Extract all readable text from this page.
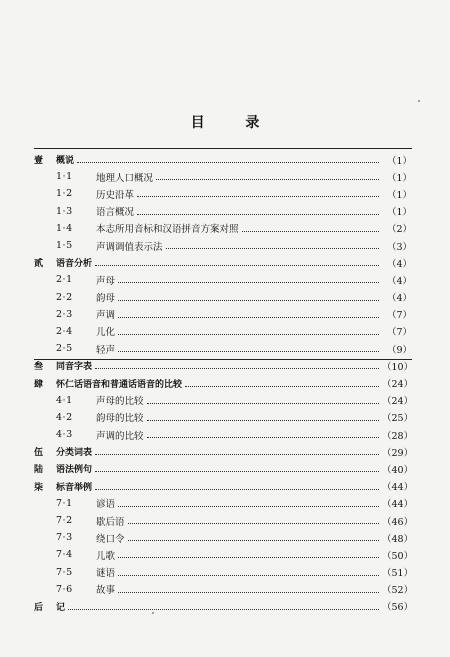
目 录
壹	概说	（1）
1·1	地理人口概况	（1）
1·2	历史沿革	（1）
1·3	语言概况	（1）
1·4	本志所用音标和汉语拼音方案对照	（2）
1·5	声调调值表示法	（3）
贰	语音分析	（4）
2·1	声母	（4）
2·2	韵母	（4）
2·3	声调	（7）
2·4	儿化	（7）
2·5	轻声	（9）
叁	同音字表	（10）
肆	怀仁话语音和普通话语音的比较	（24）
4·1	声母的比较	（24）
4·2	韵母的比较	（25）
4·3	声调的比较	（28）
伍	分类词表	（29）
陆	语法例句	（40）
柒	标音举例	（44）
7·1	谚语	（44）
7·2	歇后语	（46）
7·3	绕口令	（48）
7·4	儿歌	（50）
7·5	谜语	（51）
7·6	故事	（52）
后	记	（56）
